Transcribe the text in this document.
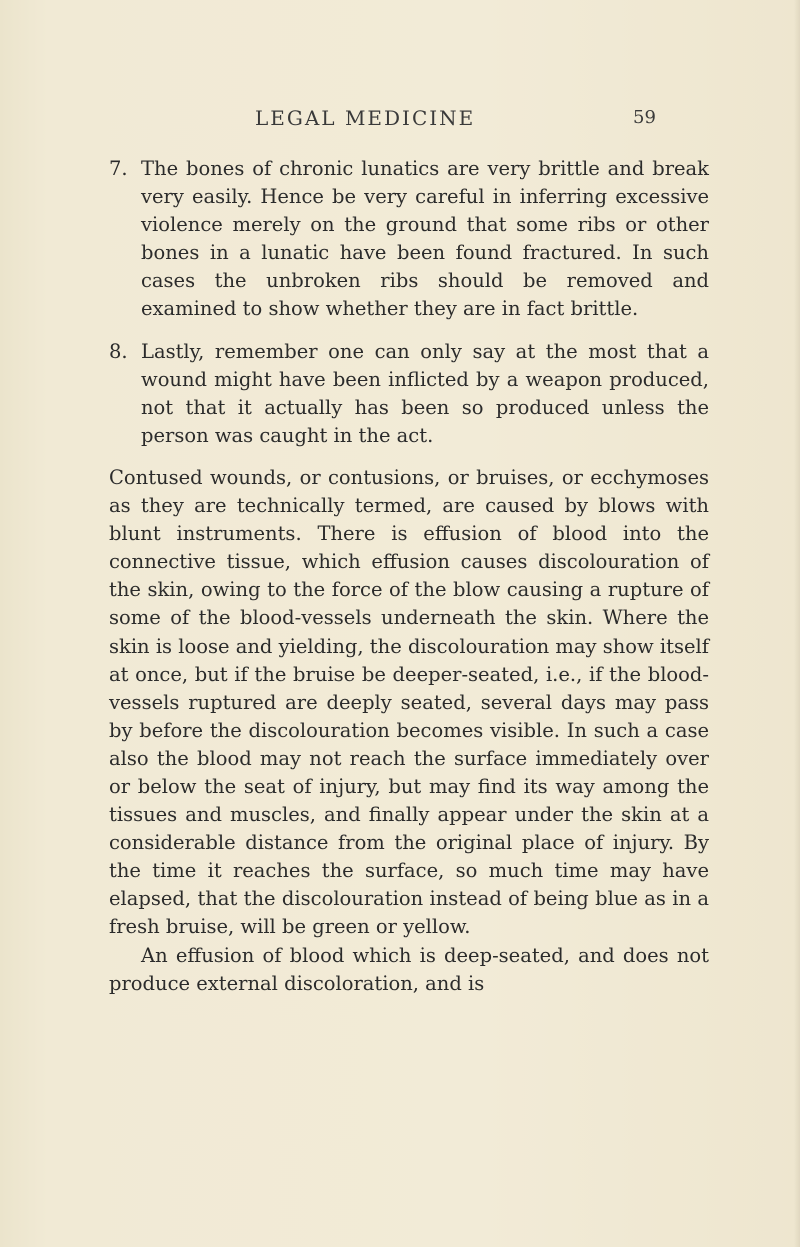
LEGAL MEDICINE	59
7. The bones of chronic lunatics are very brittle and break very easily. Hence be very careful in inferring excessive violence merely on the ground that some ribs or other bones in a lunatic have been found fractured. In such cases the unbroken ribs should be removed and examined to show whether they are in fact brittle.
8. Lastly, remember one can only say at the most that a wound might have been inflicted by a weapon produced, not that it actually has been so produced unless the person was caught in the act.

Contused wounds, or contusions, or bruises, or ecchymoses as they are technically termed, are caused by blows with blunt instruments. There is effusion of blood into the connective tissue, which effusion causes discolouration of the skin, owing to the force of the blow causing a rupture of some of the blood-vessels underneath the skin. Where the skin is loose and yielding, the discolouration may show itself at once, but if the bruise be deeper-seated, i.e., if the blood-vessels ruptured are deeply seated, several days may pass by before the discolouration becomes visible. In such a case also the blood may not reach the surface immediately over or below the seat of injury, but may find its way among the tissues and muscles, and finally appear under the skin at a considerable distance from the original place of injury. By the time it reaches the surface, so much time may have elapsed, that the discolouration instead of being blue as in a fresh bruise, will be green or yellow.

An effusion of blood which is deep-seated, and does not produce external discoloration, and is
